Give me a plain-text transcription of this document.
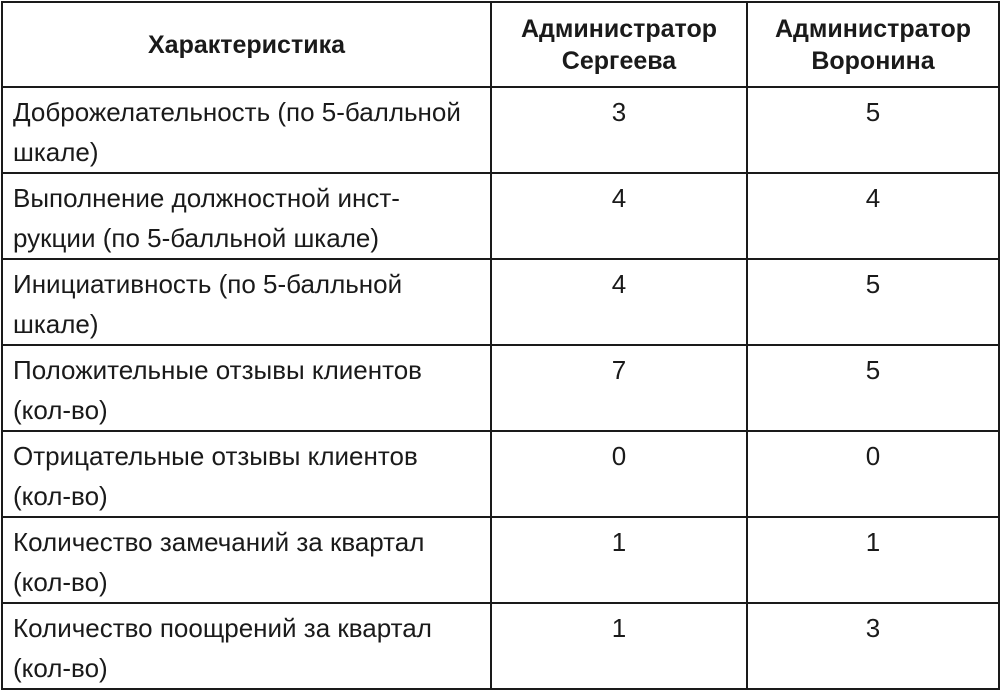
Характеристика	Администратор Сергеева	Администратор Воронина
Доброжелательность (по 5-балльной шкале)	3	5
Выполнение должностной инст-рукции (по 5-балльной шкале)	4	4
Инициативность (по 5-балльной шкале)	4	5
Положительные отзывы клиентов (кол-во)	7	5
Отрицательные отзывы клиентов (кол-во)	0	0
Количество замечаний за квартал (кол-во)	1	1
Количество поощрений за квартал (кол-во)	1	3
